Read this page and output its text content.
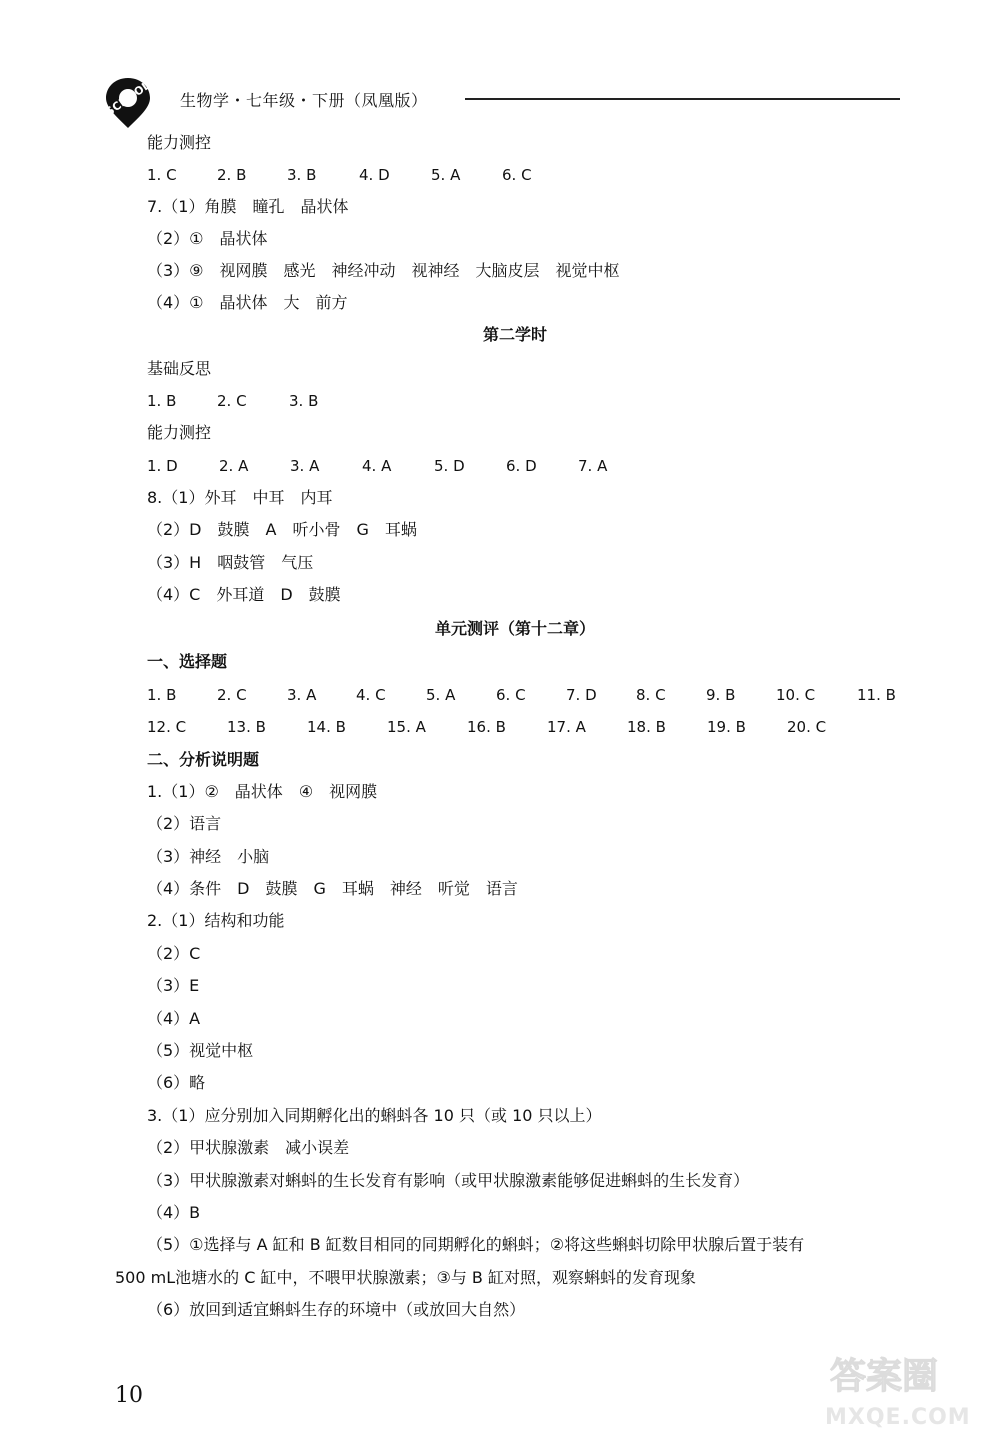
SCHOOL 生物学・七年级・下册（凤凰版）
能力测控
1. C	2. B	3. B	4. D	5. A	6. C
7.（1）角膜　瞳孔　晶状体
（2）①　晶状体
（3）⑨　视网膜　感光　神经冲动　视神经　大脑皮层　视觉中枢
（4）①　晶状体　大　前方
第二学时
基础反思
1. B	2. C	3. B
能力测控
1. D	2. A	3. A	4. A	5. D	6. D	7. A
8.（1）外耳　中耳　内耳
（2）D　鼓膜　A　听小骨　G　耳蜗
（3）H　咽鼓管　气压
（4）C　外耳道　D　鼓膜
单元测评（第十二章）
一、选择题
1. B	2. C	3. A	4. C	5. A	6. C	7. D	8. C	9. B	10. C	11. B
12. C	13. B	14. B	15. A	16. B	17. A	18. B	19. B	20. C
二、分析说明题
1.（1）②　晶状体　④　视网膜
（2）语言
（3）神经　小脑
（4）条件　D　鼓膜　G　耳蜗　神经　听觉　语言
2.（1）结构和功能
（2）C
（3）E
（4）A
（5）视觉中枢
（6）略
3.（1）应分别加入同期孵化出的蝌蚪各 10 只（或 10 只以上）
（2）甲状腺激素　减小误差
（3）甲状腺激素对蝌蚪的生长发育有影响（或甲状腺激素能够促进蝌蚪的生长发育）
（4）B
（5）①选择与 A 缸和 B 缸数目相同的同期孵化的蝌蚪；②将这些蝌蚪切除甲状腺后置于装有
500 mL池塘水的 C 缸中，不喂甲状腺激素；③与 B 缸对照，观察蝌蚪的发育现象
（6）放回到适宜蝌蚪生存的环境中（或放回大自然）
10	答案圈
MXQE.COM
